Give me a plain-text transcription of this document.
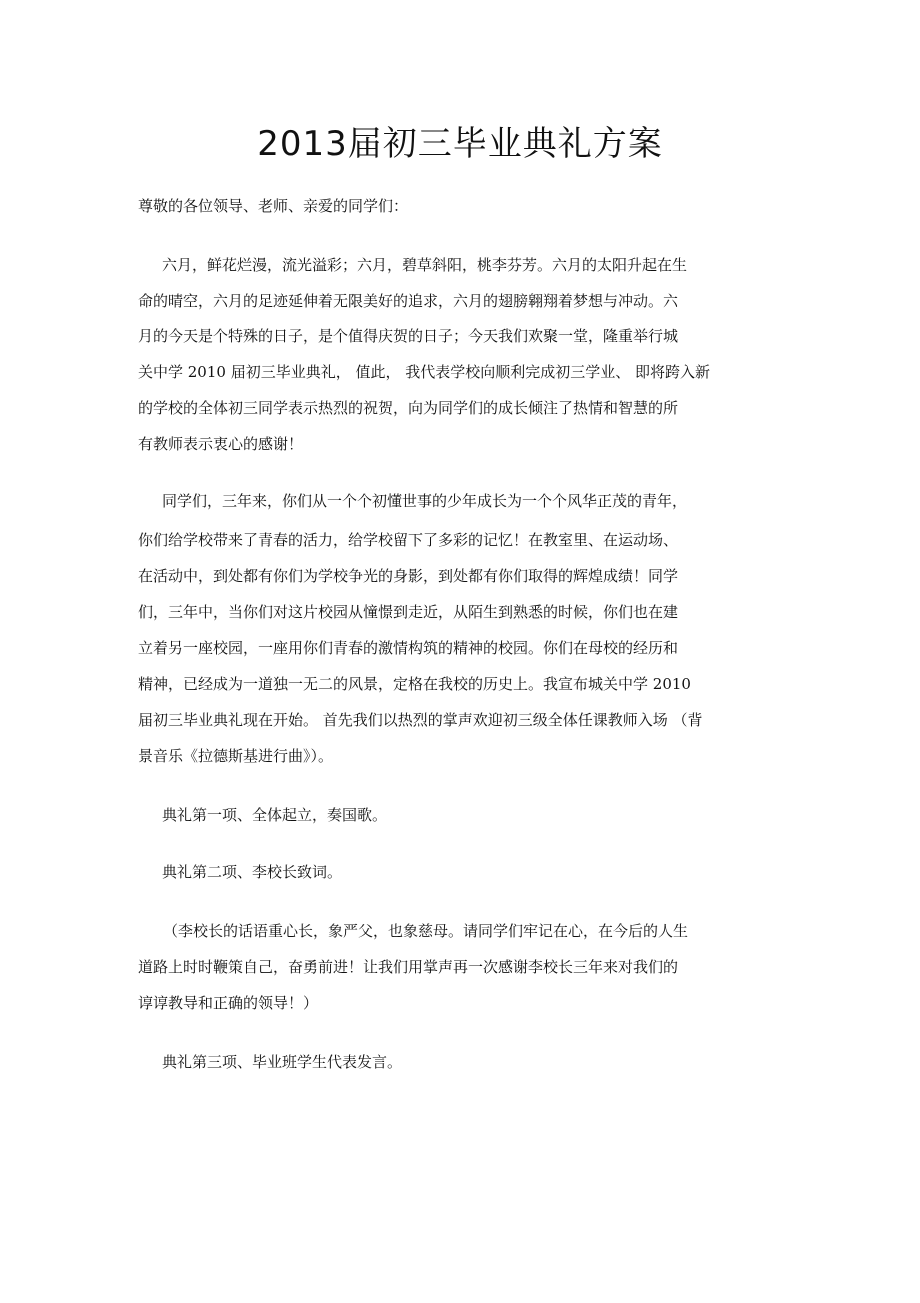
2013届初三毕业典礼方案

尊敬的各位领导、老师、亲爱的同学们：

六月，鲜花烂漫，流光溢彩；六月，碧草斜阳，桃李芬芳。六月的太阳升起在生

命的晴空，六月的足迹延伸着无限美好的追求，六月的翅膀翱翔着梦想与冲动。六

月的今天是个特殊的日子，是个值得庆贺的日子；今天我们欢聚一堂，隆重举行城

关中学 2010 届初三毕业典礼， 值此， 我代表学校向顺利完成初三学业、 即将跨入新

的学校的全体初三同学表示热烈的祝贺，向为同学们的成长倾注了热情和智慧的所

有教师表示衷心的感谢！

同学们，三年来，你们从一个个初懂世事的少年成长为一个个风华正茂的青年，

你们给学校带来了青春的活力，给学校留下了多彩的记忆！在教室里、在运动场、

在活动中，到处都有你们为学校争光的身影，到处都有你们取得的辉煌成绩！同学

们，三年中，当你们对这片校园从憧憬到走近，从陌生到熟悉的时候，你们也在建

立着另一座校园，一座用你们青春的激情构筑的精神的校园。你们在母校的经历和

精神，已经成为一道独一无二的风景，定格在我校的历史上。我宣布城关中学 2010

届初三毕业典礼现在开始。 首先我们以热烈的掌声欢迎初三级全体任课教师入场 （背

景音乐《拉德斯基进行曲》）。

典礼第一项、全体起立，奏国歌。

典礼第二项、李校长致词。

（李校长的话语重心长，象严父，也象慈母。请同学们牢记在心，在今后的人生

道路上时时鞭策自己，奋勇前进！让我们用掌声再一次感谢李校长三年来对我们的

谆谆教导和正确的领导！）

典礼第三项、毕业班学生代表发言。
